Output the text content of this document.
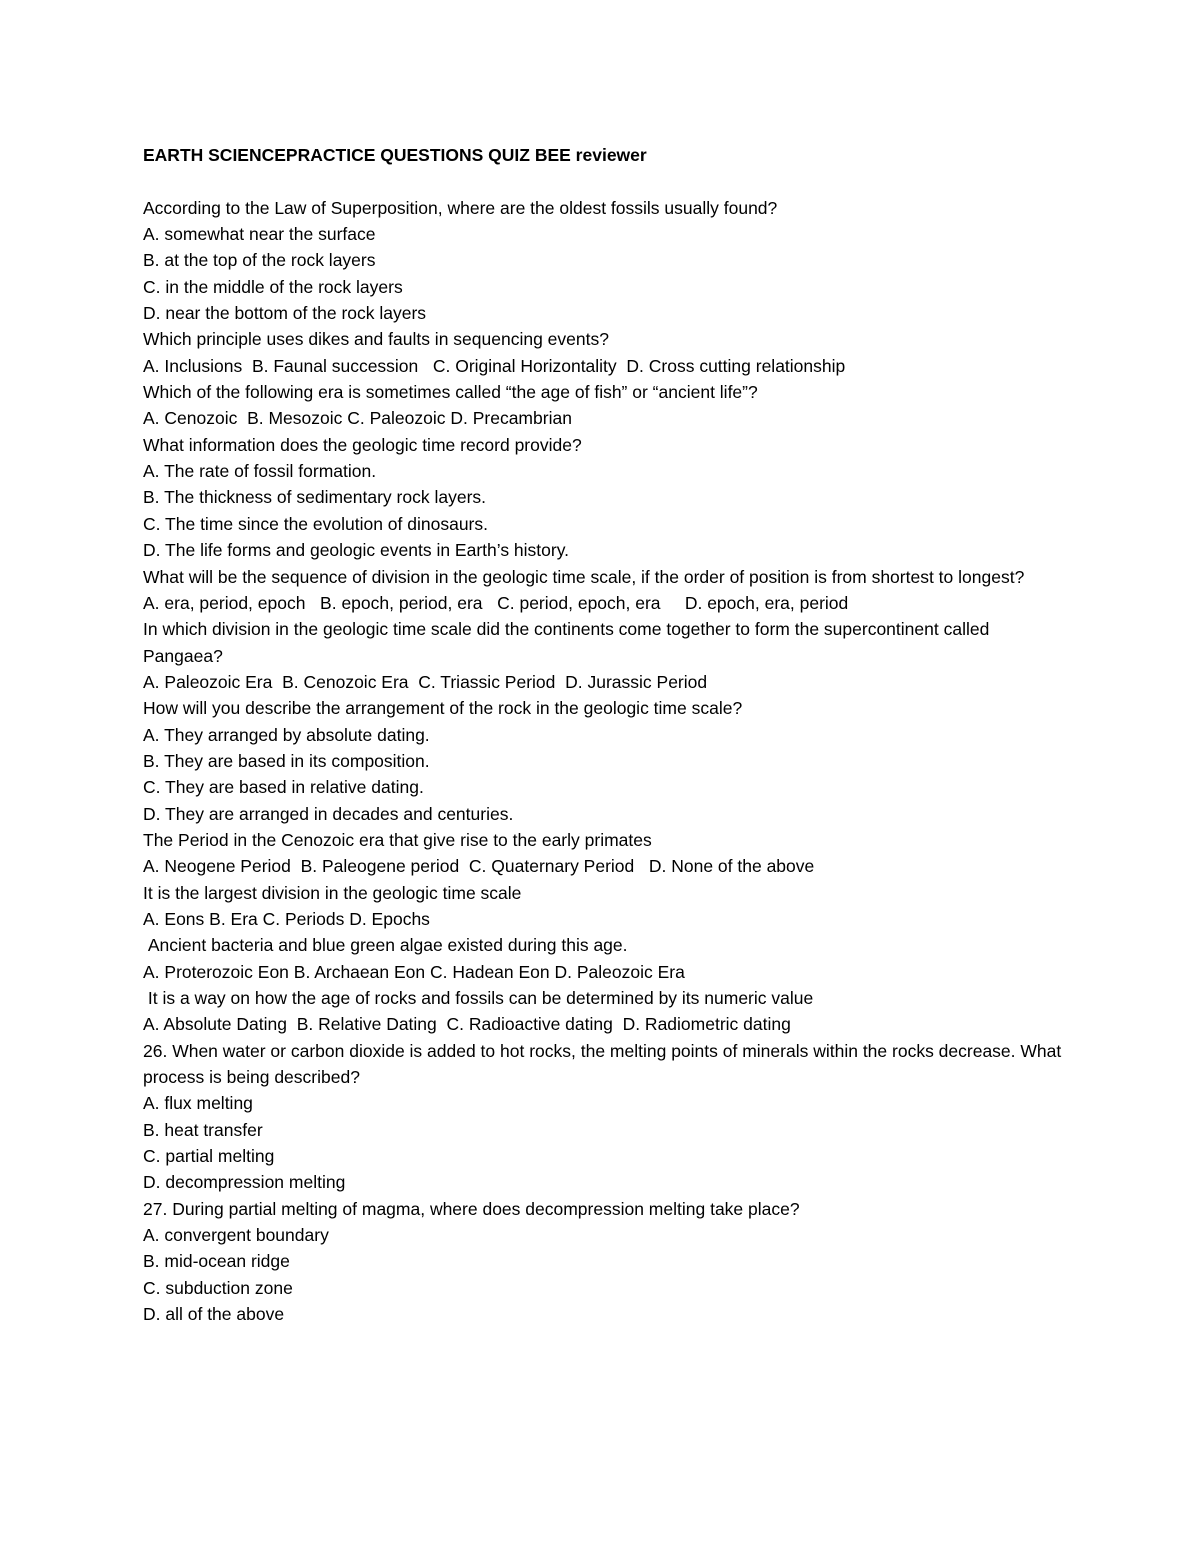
EARTH SCIENCEPRACTICE QUESTIONS QUIZ BEE reviewer

According to the Law of Superposition, where are the oldest fossils usually found?

A. somewhat near the surface

B. at the top of the rock layers

C. in the middle of the rock layers

D. near the bottom of the rock layers

Which principle uses dikes and faults in sequencing events?

A. Inclusions  B. Faunal succession   C. Original Horizontality  D. Cross cutting relationship

Which of the following era is sometimes called “the age of fish” or “ancient life”?

A. Cenozoic  B. Mesozoic C. Paleozoic D. Precambrian

What information does the geologic time record provide?

A. The rate of fossil formation.

B. The thickness of sedimentary rock layers.

C. The time since the evolution of dinosaurs.

D. The life forms and geologic events in Earth’s history.

What will be the sequence of division in the geologic time scale, if the order of position is from shortest to longest?

A. era, period, epoch   B. epoch, period, era   C. period, epoch, era     D. epoch, era, period

In which division in the geologic time scale did the continents come together to form the supercontinent called Pangaea?

A. Paleozoic Era  B. Cenozoic Era  C. Triassic Period  D. Jurassic Period

How will you describe the arrangement of the rock in the geologic time scale?

A. They arranged by absolute dating.

B. They are based in its composition.

C. They are based in relative dating.

D. They are arranged in decades and centuries.

The Period in the Cenozoic era that give rise to the early primates

A. Neogene Period  B. Paleogene period  C. Quaternary Period   D. None of the above

It is the largest division in the geologic time scale

A. Eons B. Era C. Periods D. Epochs

Ancient bacteria and blue green algae existed during this age.

A. Proterozoic Eon B. Archaean Eon C. Hadean Eon D. Paleozoic Era

It is a way on how the age of rocks and fossils can be determined by its numeric value

A. Absolute Dating  B. Relative Dating  C. Radioactive dating  D. Radiometric dating

26. When water or carbon dioxide is added to hot rocks, the melting points of minerals within the rocks decrease. What process is being described?

A. flux melting

B. heat transfer

C. partial melting

D. decompression melting

27. During partial melting of magma, where does decompression melting take place?

A. convergent boundary

B. mid-ocean ridge

C. subduction zone

D. all of the above
